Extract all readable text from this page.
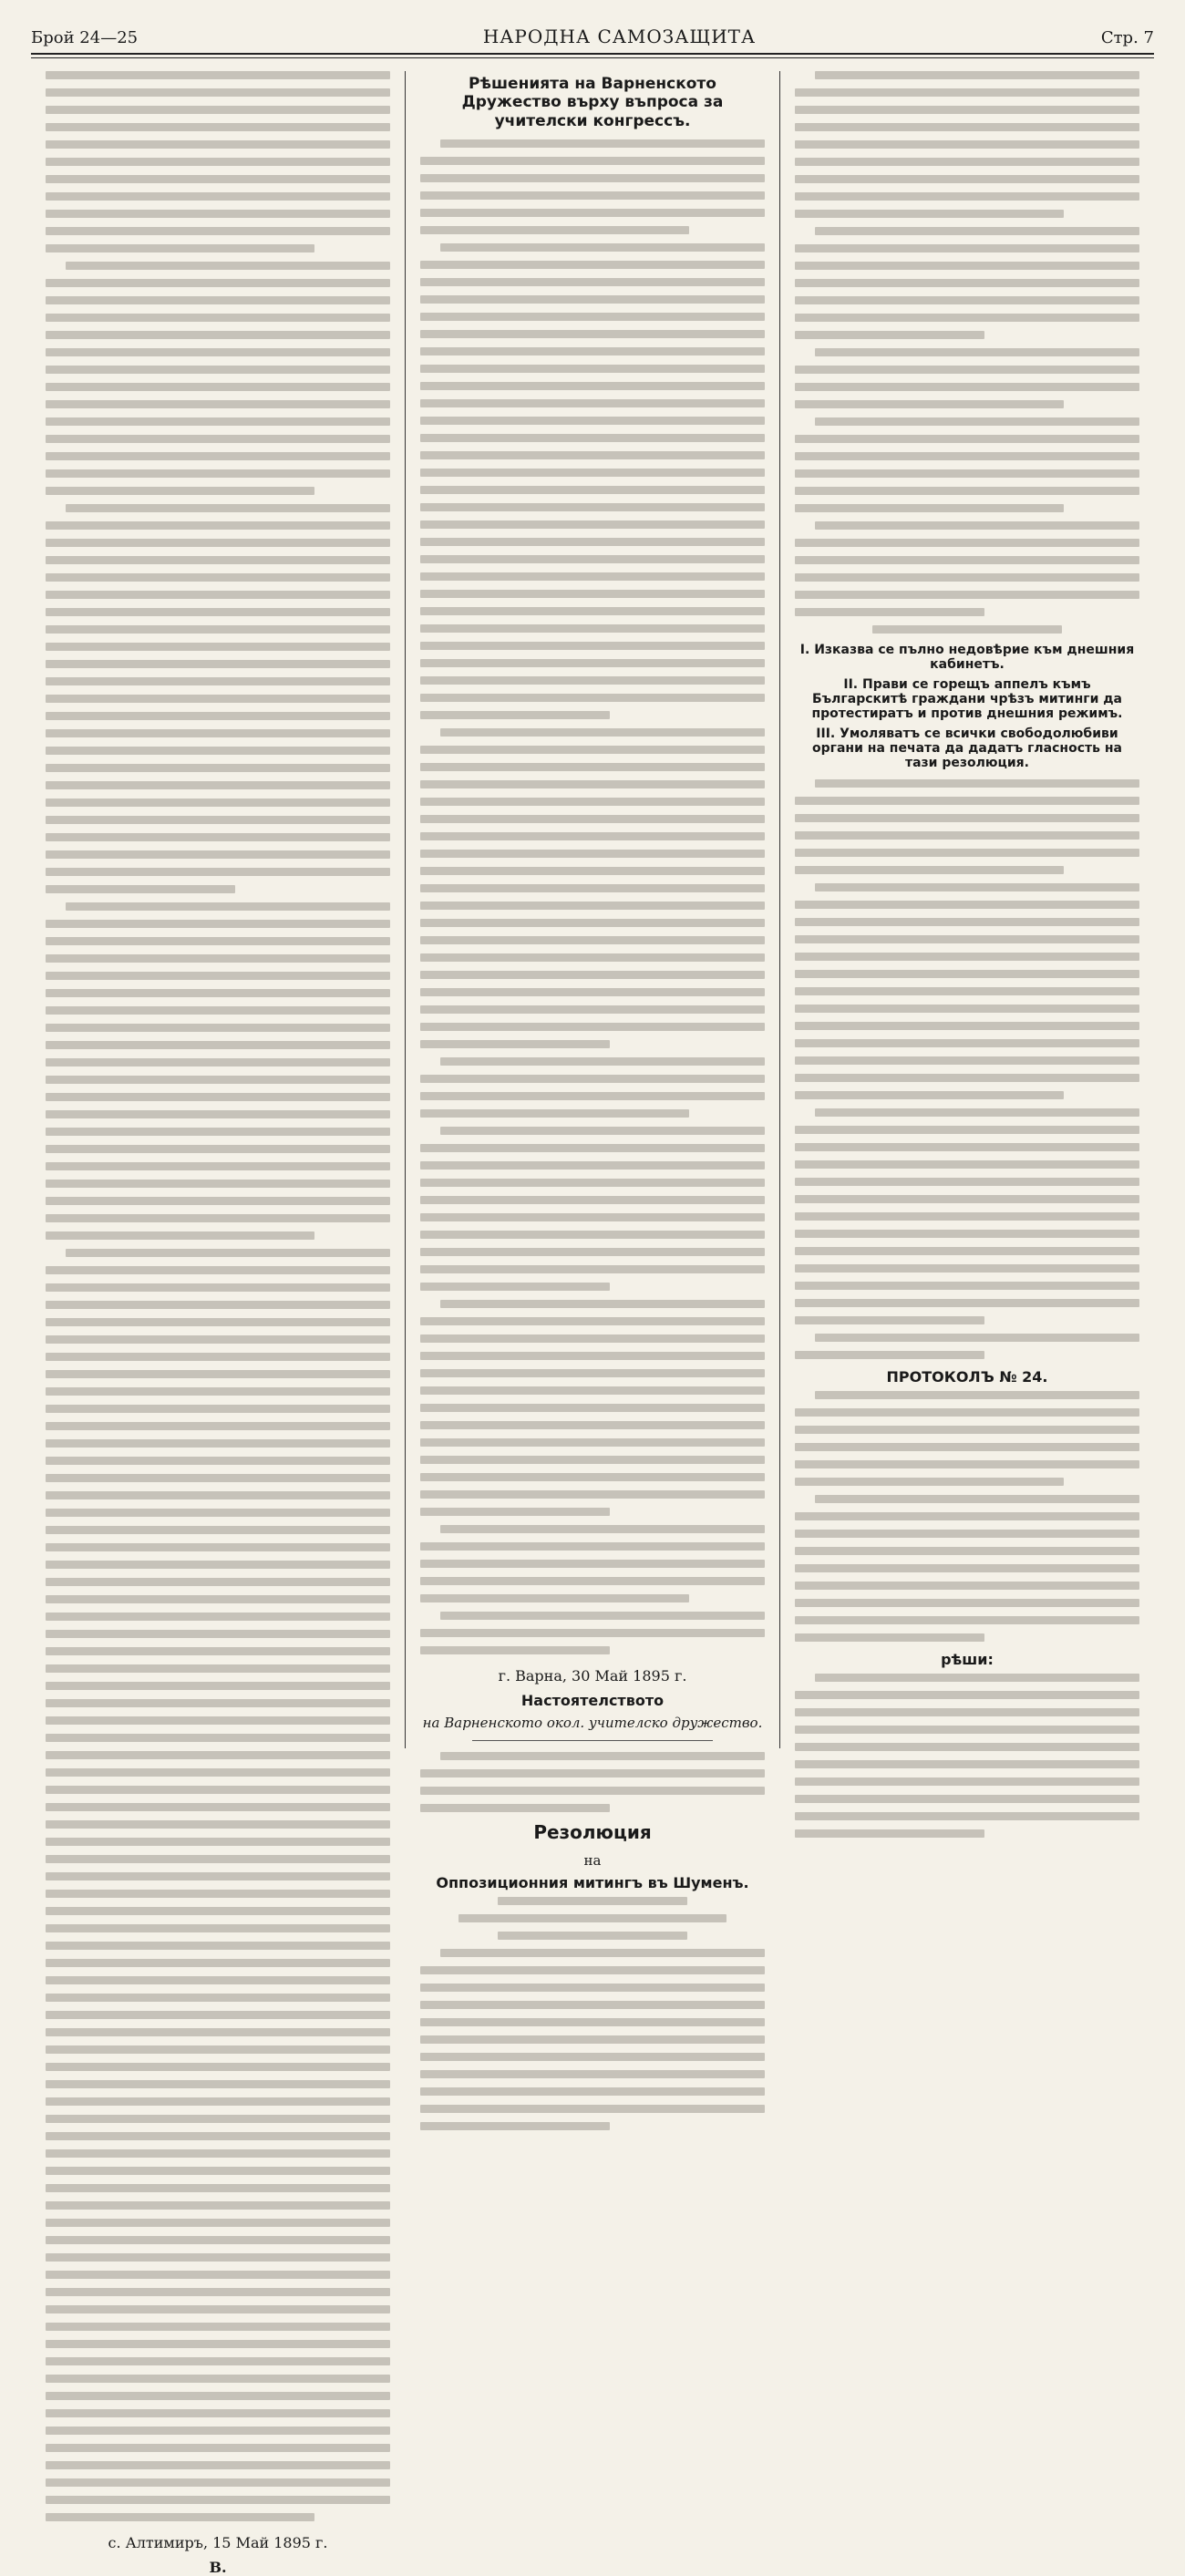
Брой 24—25	НАРОДНА САМОЗАЩИТА	Стр. 7
с. Алтимиръ, 15 Май 1895 г.
В.
Рѣшенията на Варненското Дружество върху въпроса за учителски конгрессъ.
г. Варна, 30 Май 1895 г.
Настоятелството
на Варненското окол. учителско дружество.
Резолюция
на
Оппозиционния митингъ въ Шуменъ.
I. Изказва се пълно недовѣрие към днешния кабинетъ.
II. Прави се горещъ аппелъ къмъ Българскитѣ граждани чрѣзъ митинги да протестиратъ и против днешния режимъ.
III. Умоляватъ се всички свободолюбиви органи на печата да дадатъ гласность на тази резолюция.
ПРОТОКОЛЪ № 24.
рѣши:
